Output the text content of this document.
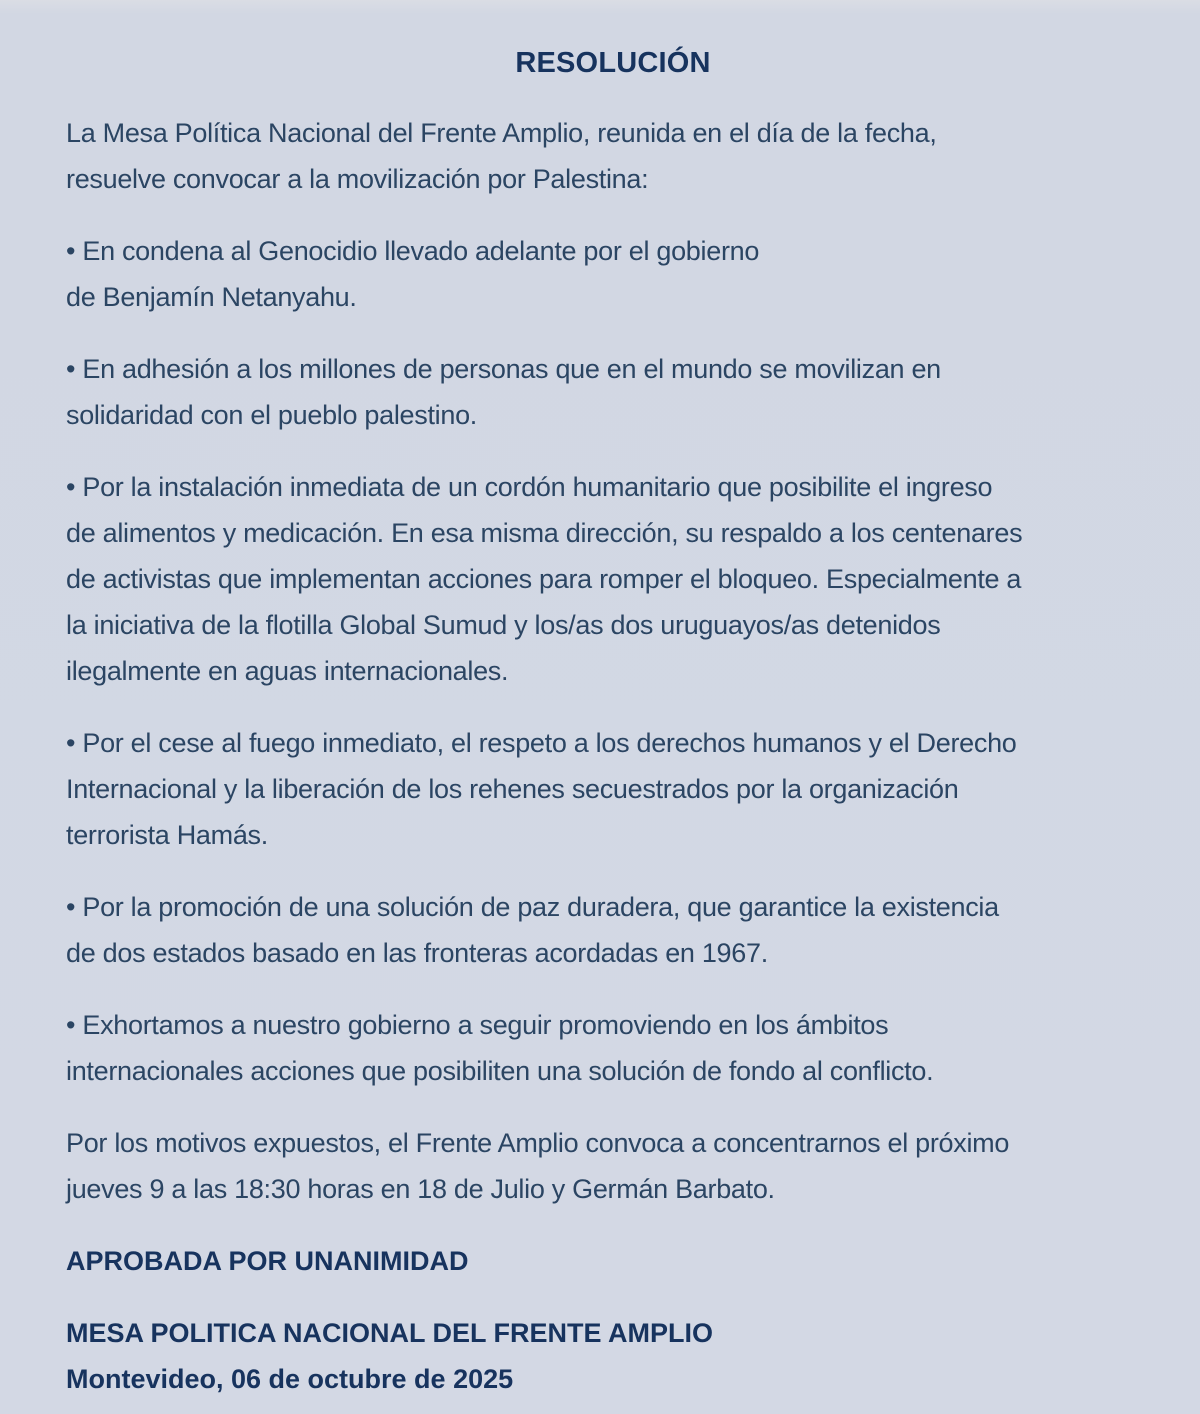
RESOLUCIÓN
La Mesa Política Nacional del Frente Amplio, reunida en el día de la fecha,
resuelve convocar a la movilización por Palestina:
• En condena al Genocidio llevado adelante por el gobierno
de Benjamín Netanyahu.
• En adhesión a los millones de personas que en el mundo se movilizan en
solidaridad con el pueblo palestino.
• Por la instalación inmediata de un cordón humanitario que posibilite el ingreso
de alimentos y medicación. En esa misma dirección, su respaldo a los centenares
de activistas que implementan acciones para romper el bloqueo. Especialmente a
la iniciativa de la flotilla Global Sumud y los/as dos uruguayos/as detenidos
ilegalmente en aguas internacionales.
• Por el cese al fuego inmediato, el respeto a los derechos humanos y el Derecho
Internacional y la liberación de los rehenes secuestrados por la organización
terrorista Hamás.
• Por la promoción de una solución de paz duradera, que garantice la existencia
de dos estados basado en las fronteras acordadas en 1967.
• Exhortamos a nuestro gobierno a seguir promoviendo en los ámbitos
internacionales acciones que posibiliten una solución de fondo al conflicto.
Por los motivos expuestos, el Frente Amplio convoca a concentrarnos el próximo
jueves 9 a las 18:30 horas en 18 de Julio y Germán Barbato.
APROBADA POR UNANIMIDAD
MESA POLITICA NACIONAL DEL FRENTE AMPLIO
Montevideo, 06 de octubre de 2025
